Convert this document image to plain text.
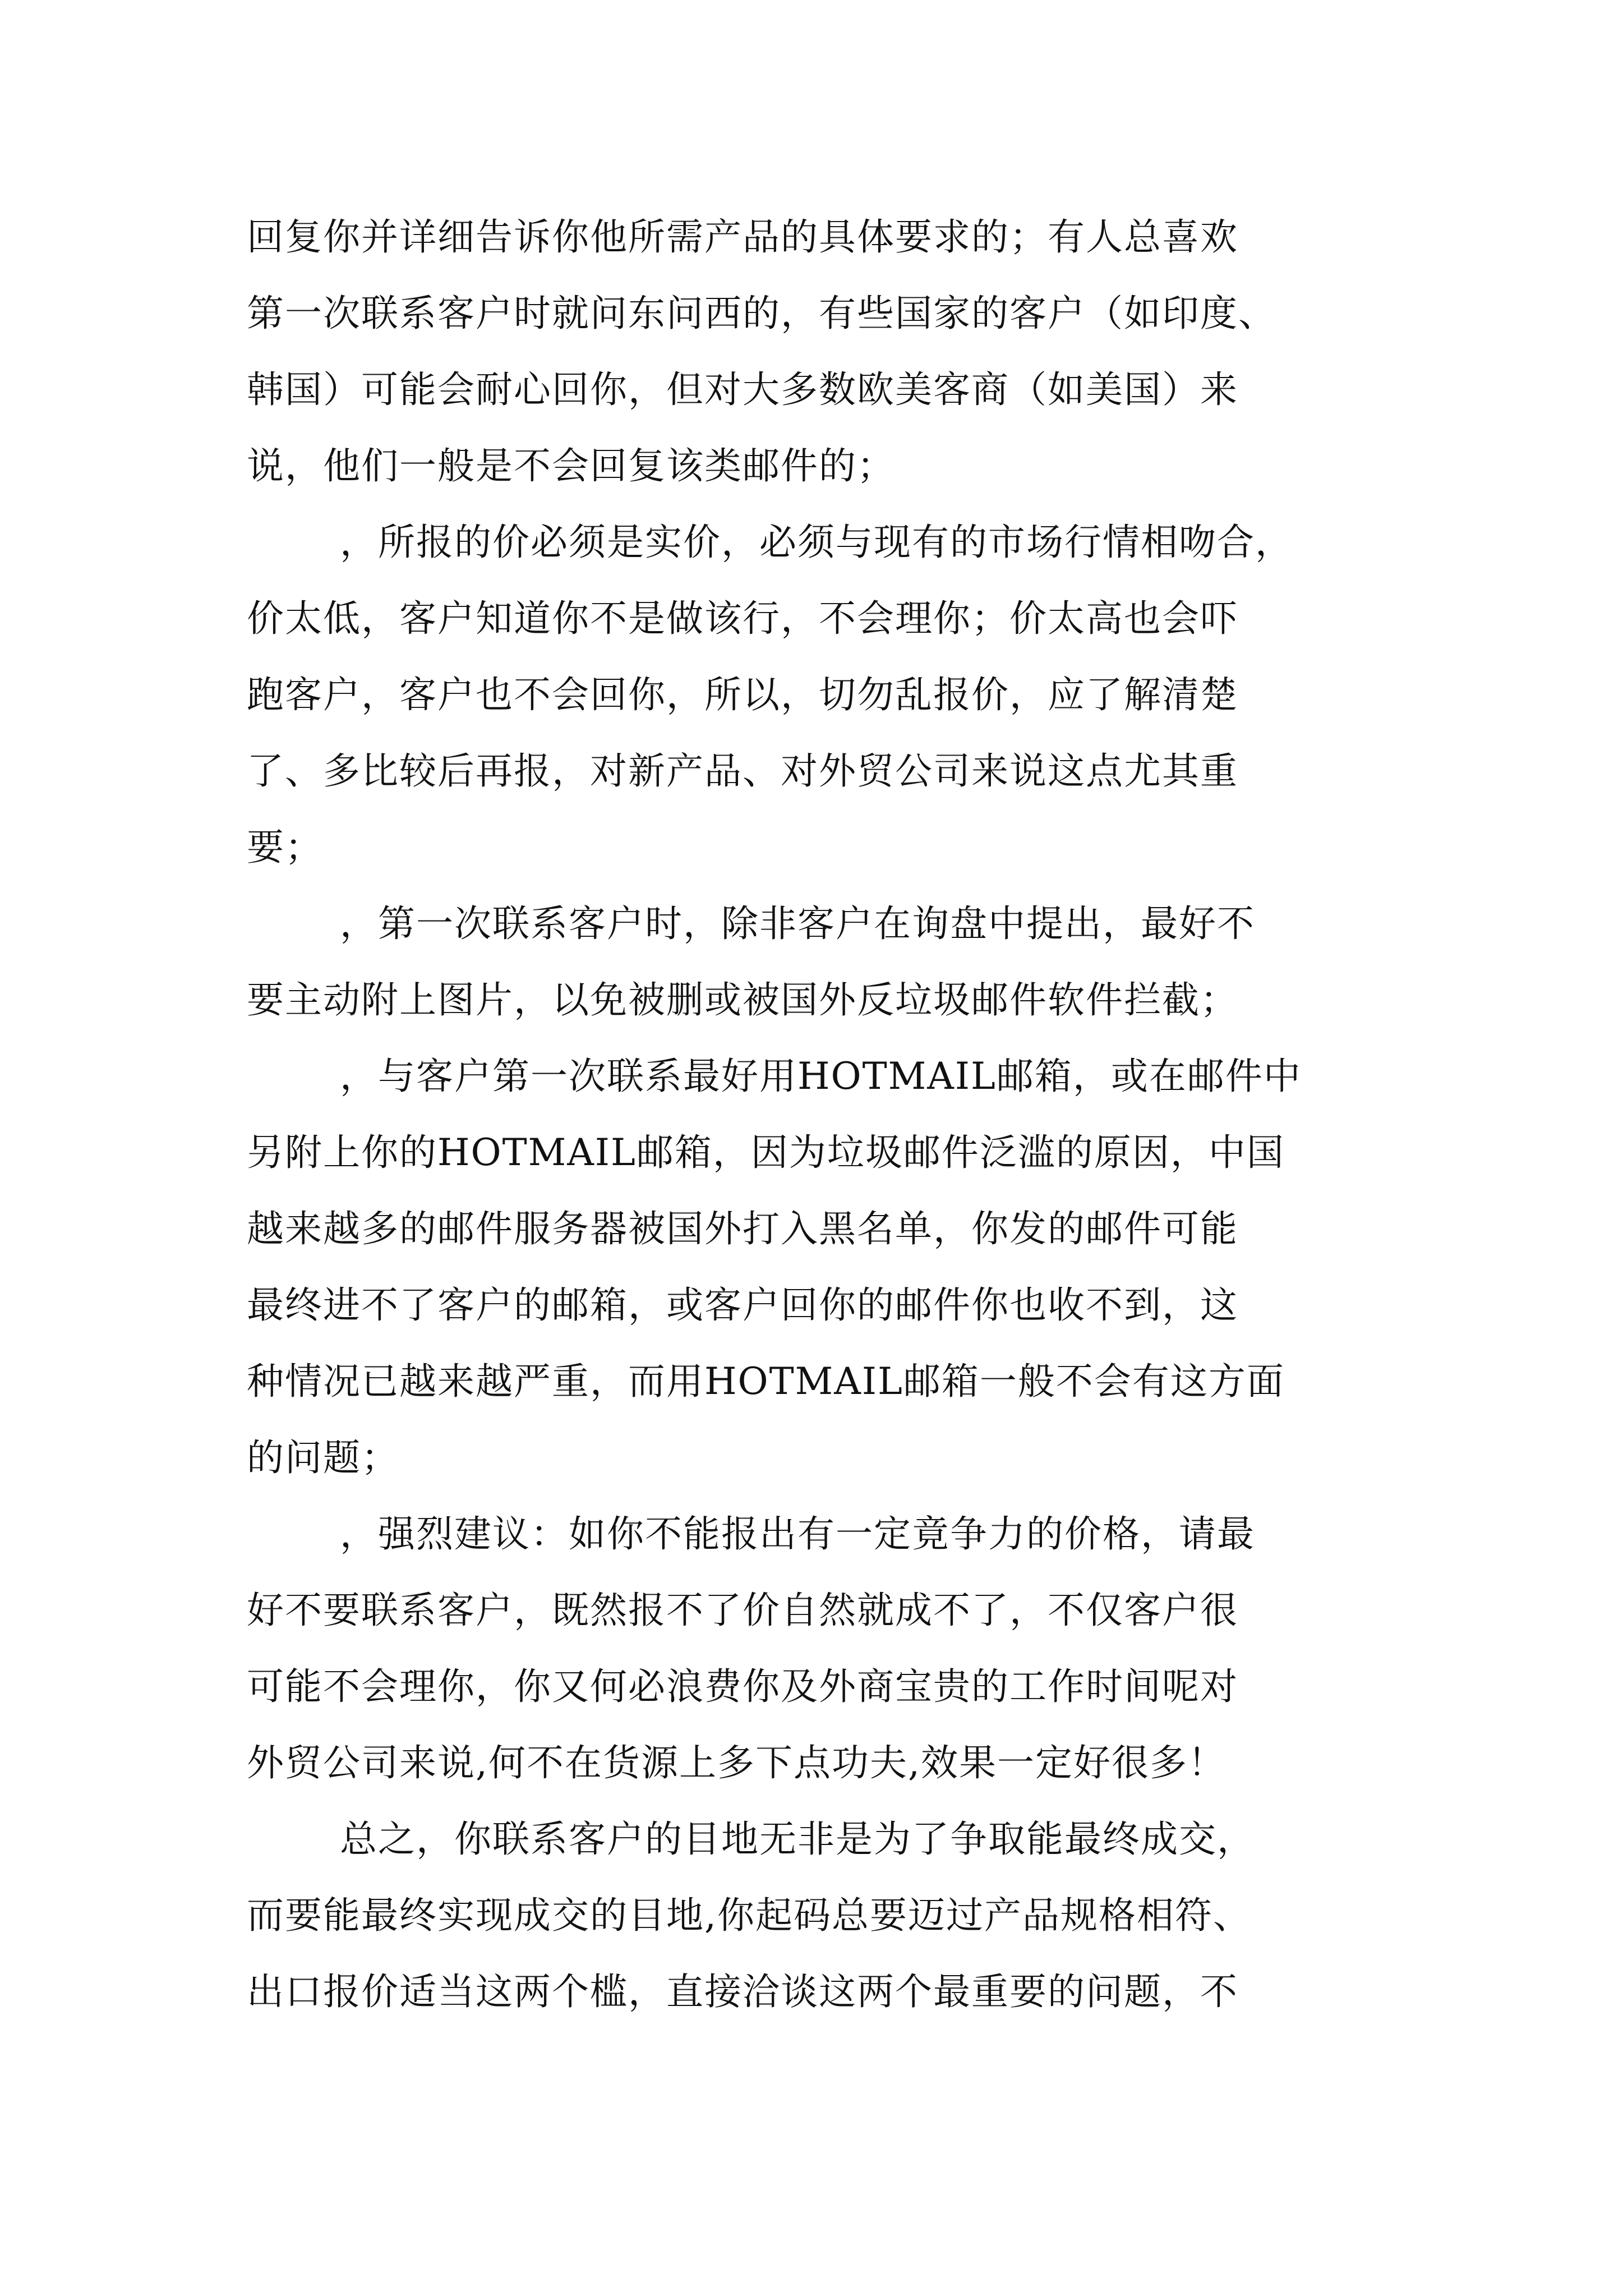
回复你并详细告诉你他所需产品的具体要求的；有人总喜欢
第一次联系客户时就问东问西的，有些国家的客户（如印度、
韩国）可能会耐心回你，但对大多数欧美客商（如美国）来
说，他们一般是不会回复该类邮件的；
，所报的价必须是实价，必须与现有的市场行情相吻合，
价太低，客户知道你不是做该行，不会理你；价太高也会吓
跑客户，客户也不会回你，所以，切勿乱报价，应了解清楚
了、多比较后再报，对新产品、对外贸公司来说这点尤其重
要；
，第一次联系客户时，除非客户在询盘中提出，最好不
要主动附上图片，以免被删或被国外反垃圾邮件软件拦截；
，与客户第一次联系最好用HOTMAIL邮箱，或在邮件中
另附上你的HOTMAIL邮箱，因为垃圾邮件泛滥的原因，中国
越来越多的邮件服务器被国外打入黑名单，你发的邮件可能
最终进不了客户的邮箱，或客户回你的邮件你也收不到，这
种情况已越来越严重，而用HOTMAIL邮箱一般不会有这方面
的问题；
，强烈建议：如你不能报出有一定竟争力的价格，请最
好不要联系客户，既然报不了价自然就成不了，不仅客户很
可能不会理你，你又何必浪费你及外商宝贵的工作时间呢对
外贸公司来说,何不在货源上多下点功夫,效果一定好很多！
总之，你联系客户的目地无非是为了争取能最终成交，
而要能最终实现成交的目地,你起码总要迈过产品规格相符、
出口报价适当这两个槛，直接洽谈这两个最重要的问题，不
